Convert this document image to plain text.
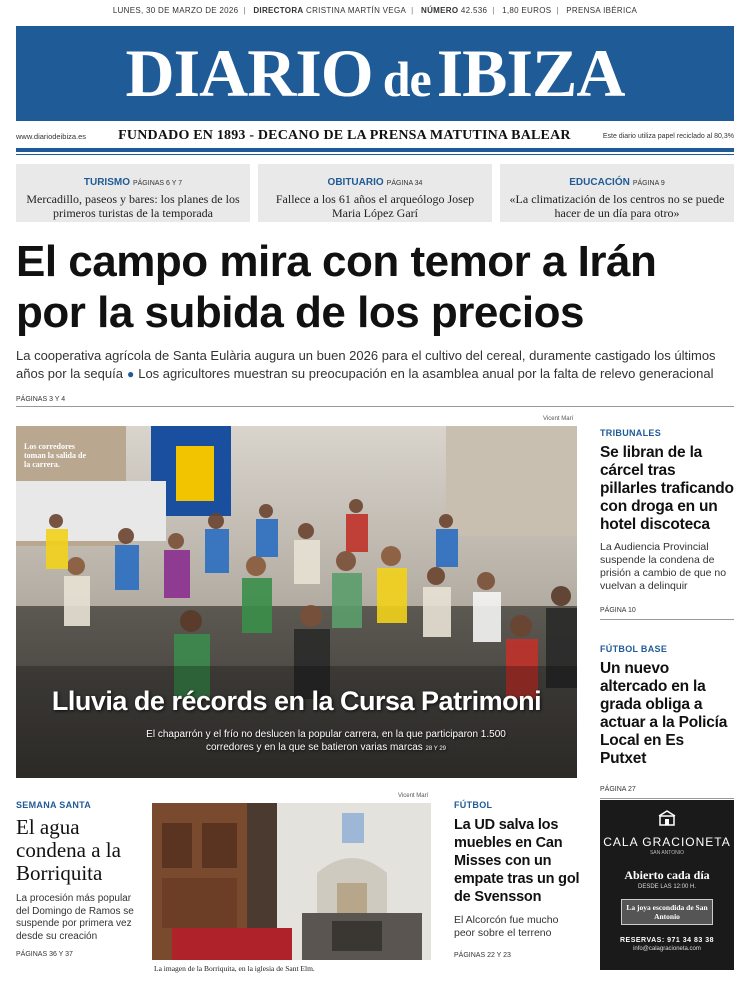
LUNES, 30 DE MARZO DE 2026 | DIRECTORA CRISTINA MARTÍN VEGA | NÚMERO 42.536 | 1,80 EUROS | PRENSA IBÉRICA
DIARIO deIBIZA
www.diariodeibiza.es FUNDADO EN 1893 - DECANO DE LA PRENSA MATUTINA BALEAR	Este diario utiliza papel reciclado al 80,3%
TURISMO PÁGINAS 6 Y 7
Mercadillo, paseos y bares: los planes de los primeros turistas de la temporada
OBITUARIO PÁGINA 34
Fallece a los 61 años el arqueólogo Josep Maria López Garí
EDUCACIÓN PÁGINA 9
«La climatización de los centros no se puede hacer de un día para otro»
El campo mira con temor a Irán por la subida de los precios
La cooperativa agrícola de Santa Eulària augura un buen 2026 para el cultivo del cereal, duramente castigado los últimos años por la sequía ● Los agricultores muestran su preocupación en la asamblea anual por la falta de relevo generacional
PÁGINAS 3 Y 4
Vicent Marí
Los corredores toman la salida de la carrera.
Lluvia de récords en la Cursa Patrimoni
El chaparrón y el frío no deslucen la popular carrera, en la que participaron 1.500 corredores y en la que se batieron varias marcas 28 Y 29
TRIBUNALES
Se libran de la cárcel tras pillarles traficando con droga en un hotel discoteca
La Audiencia Provincial suspende la condena de prisión a cambio de que no vuelvan a delinquir
PÁGINA 10
FÚTBOL BASE
Un nuevo altercado en la grada obliga a actuar a la Policía Local en Es Putxet
PÁGINA 27
SEMANA SANTA
El agua condena a la Borriquita
La procesión más popular del Domingo de Ramos se suspende por primera vez desde su creación
PÁGINAS 36 Y 37
Vicent Marí
La imagen de la Borriquita, en la iglesia de Sant Elm.
FÚTBOL
La UD salva los muebles en Can Misses con un empate tras un gol de Svensson
El Alcorcón fue mucho peor sobre el terreno
PÁGINAS 22 Y 23
CALA GRACIONETA
SAN ANTONIO
Abierto cada día
DESDE LAS 12:00 H.
La joya escondida de San Antonio
RESERVAS: 971 34 83 38
info@calagracioneta.com
